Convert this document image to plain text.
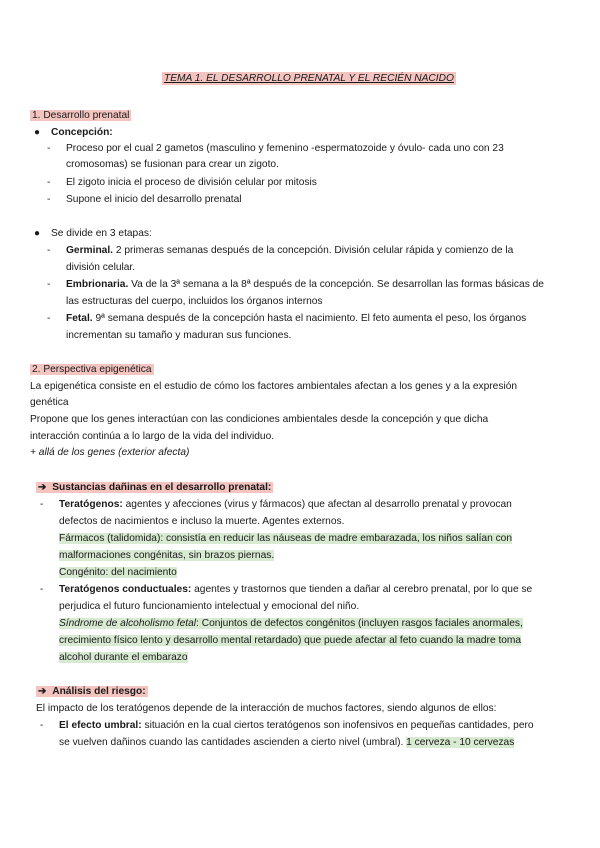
TEMA 1. EL DESARROLLO PRENATAL Y EL RECIÉN NACIDO
1. Desarrollo prenatal
● Concepción:
- Proceso por el cual 2 gametos (masculino y femenino -espermatozoide y óvulo- cada uno con 23
cromosomas) se fusionan para crear un zigoto.
- El zigoto inicia el proceso de división celular por mitosis
- Supone el inicio del desarrollo prenatal
● Se divide en 3 etapas:
- Germinal. 2 primeras semanas después de la concepción. División celular rápida y comienzo de la
división celular.
- Embrionaria. Va de la 3ª semana a la 8ª después de la concepción. Se desarrollan las formas básicas de
las estructuras del cuerpo, incluidos los órganos internos
- Fetal. 9ª semana después de la concepción hasta el nacimiento. El feto aumenta el peso, los órganos
incrementan su tamaño y maduran sus funciones.
2. Perspectiva epigenética
La epigenética consiste en el estudio de cómo los factores ambientales afectan a los genes y a la expresión
genética
Propone que los genes interactúan con las condiciones ambientales desde la concepción y que dicha
interacción continúa a lo largo de la vida del individuo.
+ allá de los genes (exterior afecta)
➔ Sustancias dañinas en el desarrollo prenatal:
- Teratógenos: agentes y afecciones (virus y fármacos) que afectan al desarrollo prenatal y provocan
defectos de nacimientos e incluso la muerte. Agentes externos.
Fármacos (talidomida): consistía en reducir las náuseas de madre embarazada, los niños salían con
malformaciones congénitas, sin brazos piernas.
Congénito: del nacimiento
- Teratógenos conductuales: agentes y trastornos que tienden a dañar al cerebro prenatal, por lo que se
perjudica el futuro funcionamiento intelectual y emocional del niño.
Síndrome de alcoholismo fetal: Conjuntos de defectos congénitos (incluyen rasgos faciales anormales,
crecimiento físico lento y desarrollo mental retardado) que puede afectar al feto cuando la madre toma
alcohol durante el embarazo
➔ Análisis del riesgo:
El impacto de los teratógenos depende de la interacción de muchos factores, siendo algunos de ellos:
- El efecto umbral: situación en la cual ciertos teratógenos son inofensivos en pequeñas cantidades, pero
se vuelven dañinos cuando las cantidades ascienden a cierto nivel (umbral). 1 cerveza - 10 cervezas
